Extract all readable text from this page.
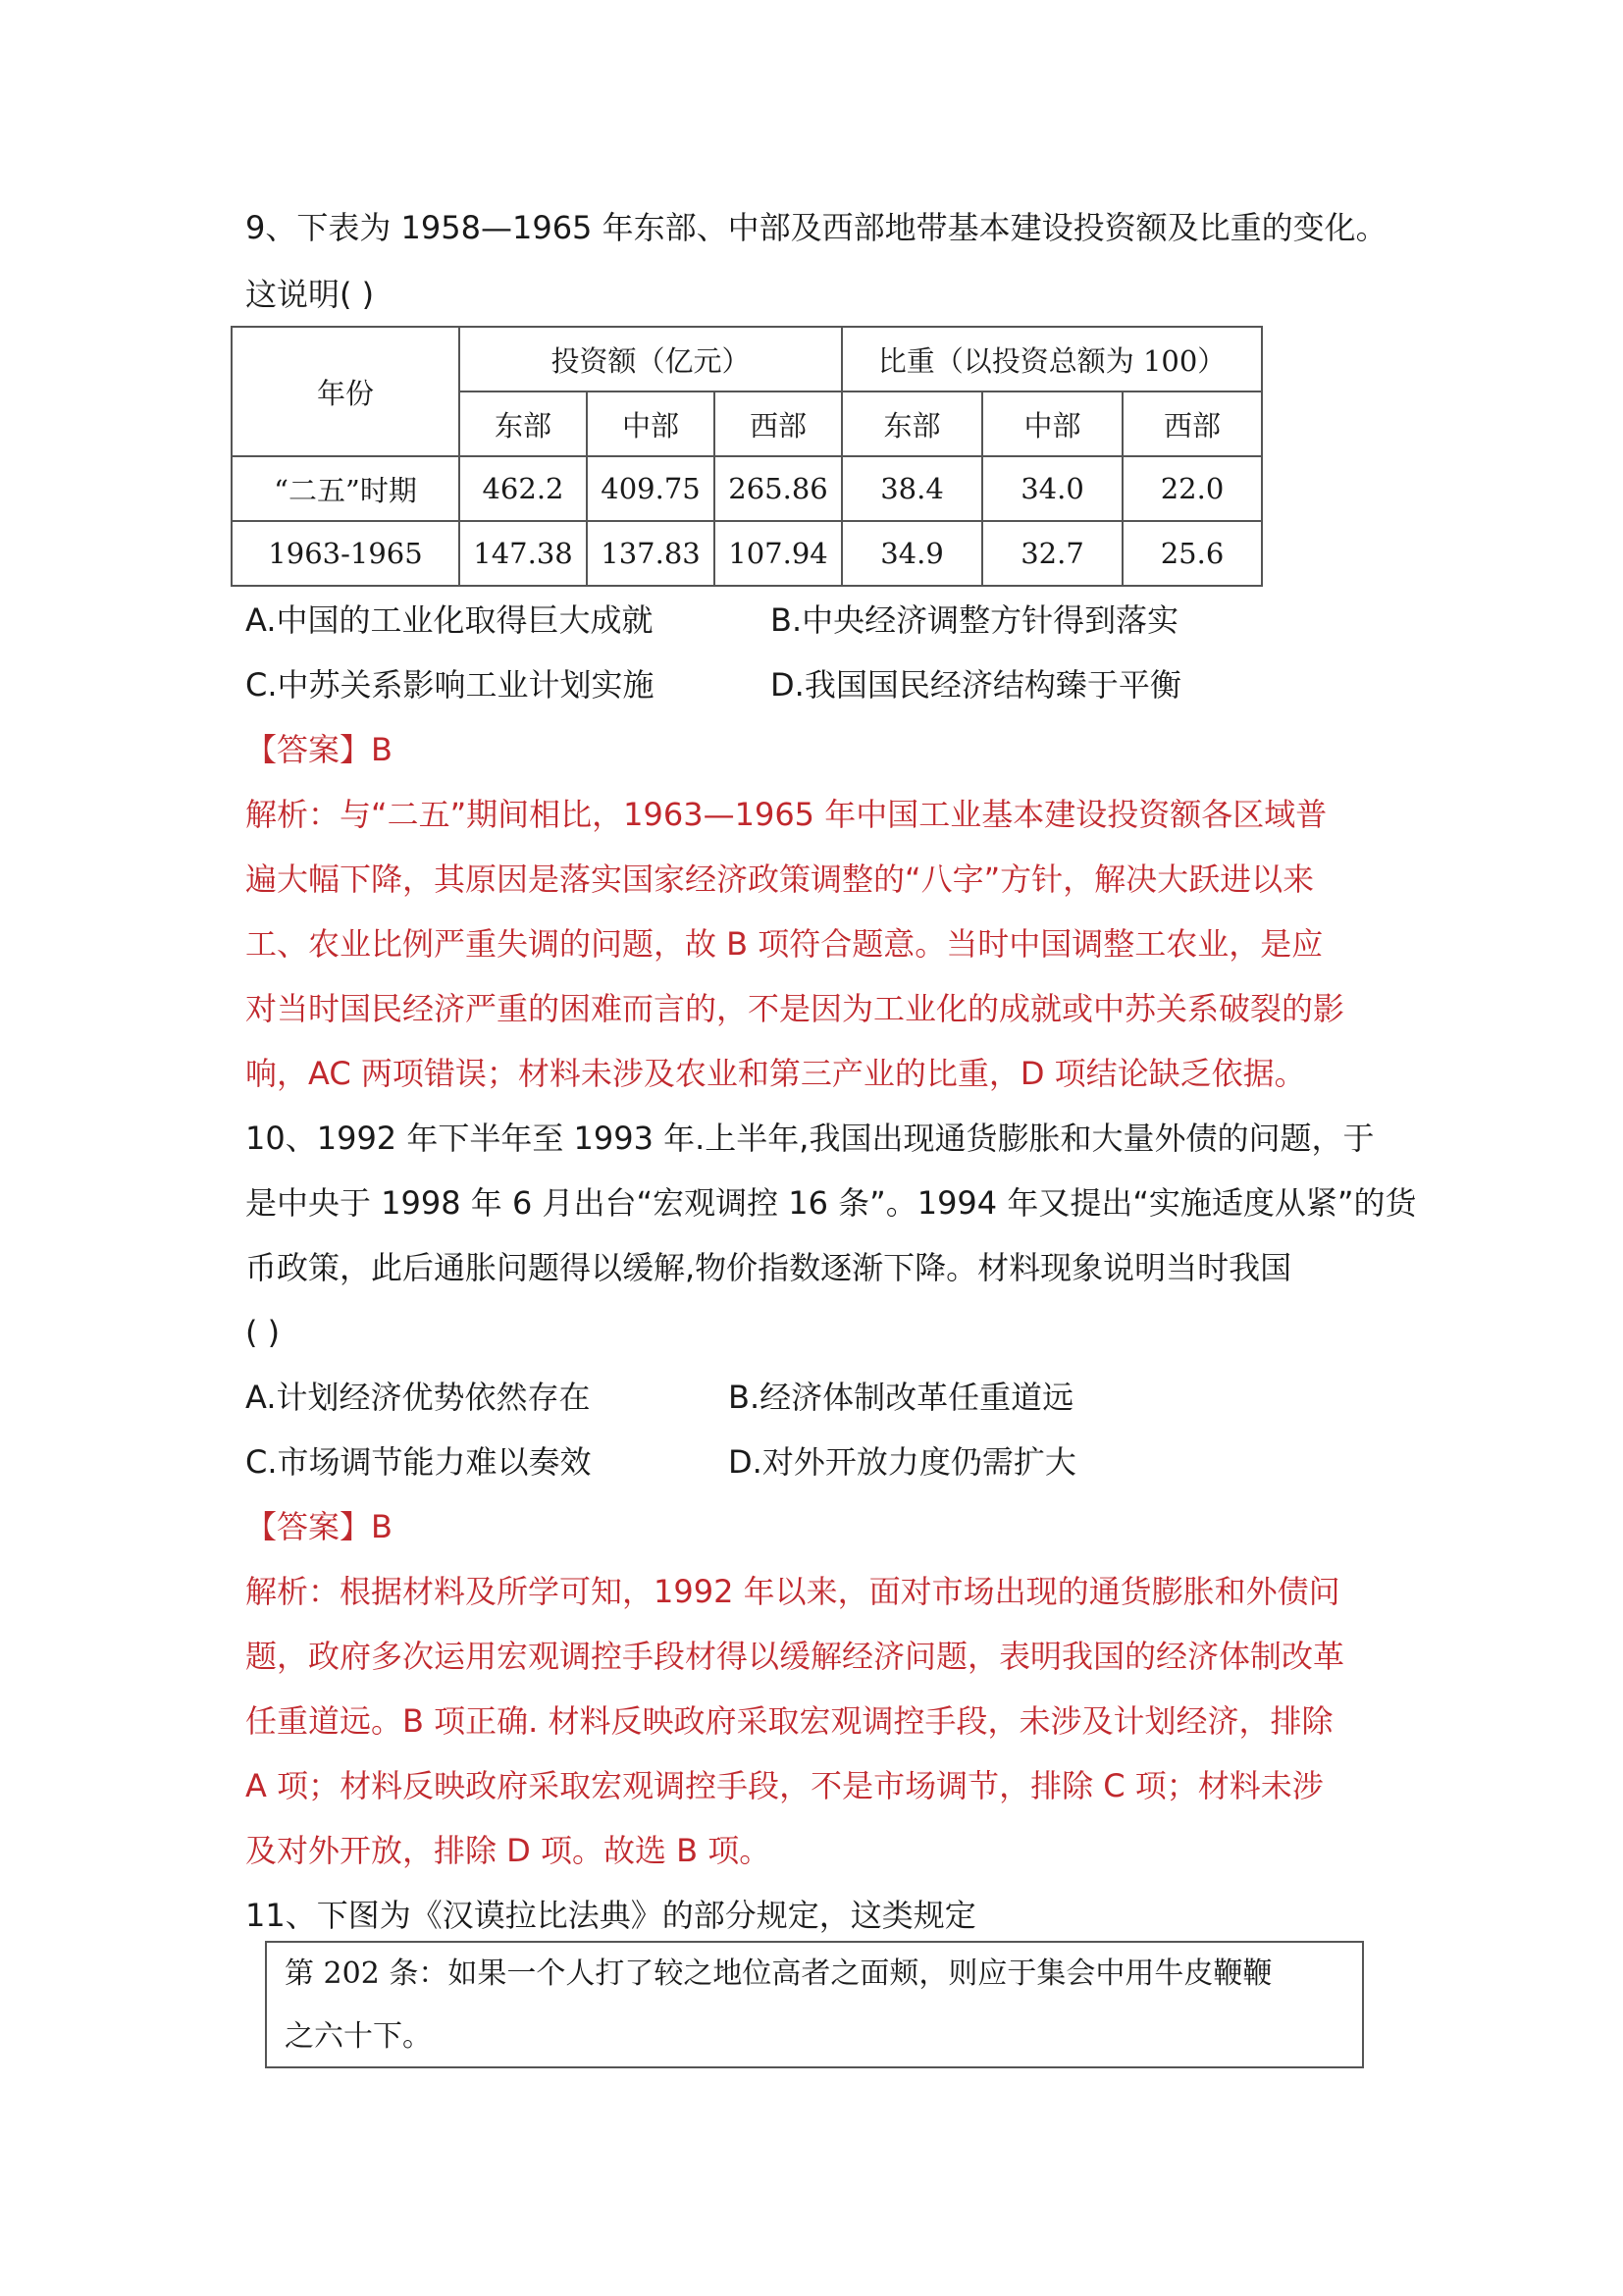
9、下表为 1958—1965 年东部、中部及西部地带基本建设投资额及比重的变化。
这说明( )
年份	投资额（亿元）			比重（以投资总额为 100）		
	东部	中部	西部	东部	中部	西部
“二五”时期	462.2	409.75	265.86	38.4	34.0	22.0
1963-1965	147.38	137.83	107.94	34.9	32.7	25.6
A.中国的工业化取得巨大成就	B.中央经济调整方针得到落实
C.中苏关系影响工业计划实施	D.我国国民经济结构臻于平衡
【答案】B
解析：与“二五”期间相比，1963—1965 年中国工业基本建设投资额各区域普
遍大幅下降，其原因是落实国家经济政策调整的“八字”方针，解决大跃进以来
工、农业比例严重失调的问题，故 B 项符合题意。当时中国调整工农业，是应
对当时国民经济严重的困难而言的，不是因为工业化的成就或中苏关系破裂的影
响，AC 两项错误；材料未涉及农业和第三产业的比重，D 项结论缺乏依据。
10、1992 年下半年至 1993 年.上半年,我国出现通货膨胀和大量外债的问题，于
是中央于 1998 年 6 月出台“宏观调控 16 条”。1994 年又提出“实施适度从紧”的货
币政策，此后通胀问题得以缓解,物价指数逐渐下降。材料现象说明当时我国
( )
A.计划经济优势依然存在	B.经济体制改革任重道远
C.市场调节能力难以奏效	D.对外开放力度仍需扩大
【答案】B
解析：根据材料及所学可知，1992 年以来，面对市场出现的通货膨胀和外债问
题，政府多次运用宏观调控手段材得以缓解经济问题，表明我国的经济体制改革
任重道远。B 项正确. 材料反映政府采取宏观调控手段，未涉及计划经济，排除
A 项；材料反映政府采取宏观调控手段，不是市场调节，排除 C 项；材料未涉
及对外开放，排除 D 项。故选 B 项。
11、下图为《汉谟拉比法典》的部分规定，这类规定
第 202 条：如果一个人打了较之地位高者之面颊，则应于集会中用牛皮鞭鞭
之六十下。
